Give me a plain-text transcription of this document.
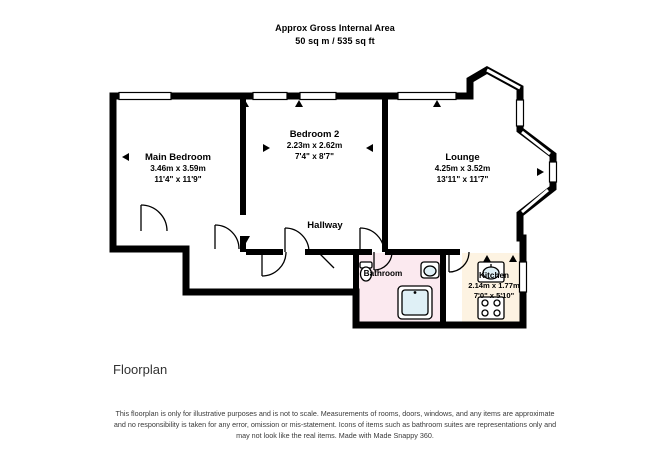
Approx Gross Internal Area
50 sq m / 535 sq ft
Main Bedroom
3.46m x 3.59m
11'4" x 11'9"
Bedroom 2
2.23m x 2.62m
7'4" x 8'7"	Lounge
4.25m x 3.52m
13'11" x 11'7"
Hallway
Bathroom	Kitchen
2.14m x 1.77m
7'0" x 5'10"
Floorplan
This floorplan is only for illustrative purposes and is not to scale. Measurements of rooms, doors, windows, and any items are approximate
and no responsibility is taken for any error, omission or mis-statement. Icons of items such as bathroom suites are representations only and
may not look like the real items. Made with Made Snappy 360.
